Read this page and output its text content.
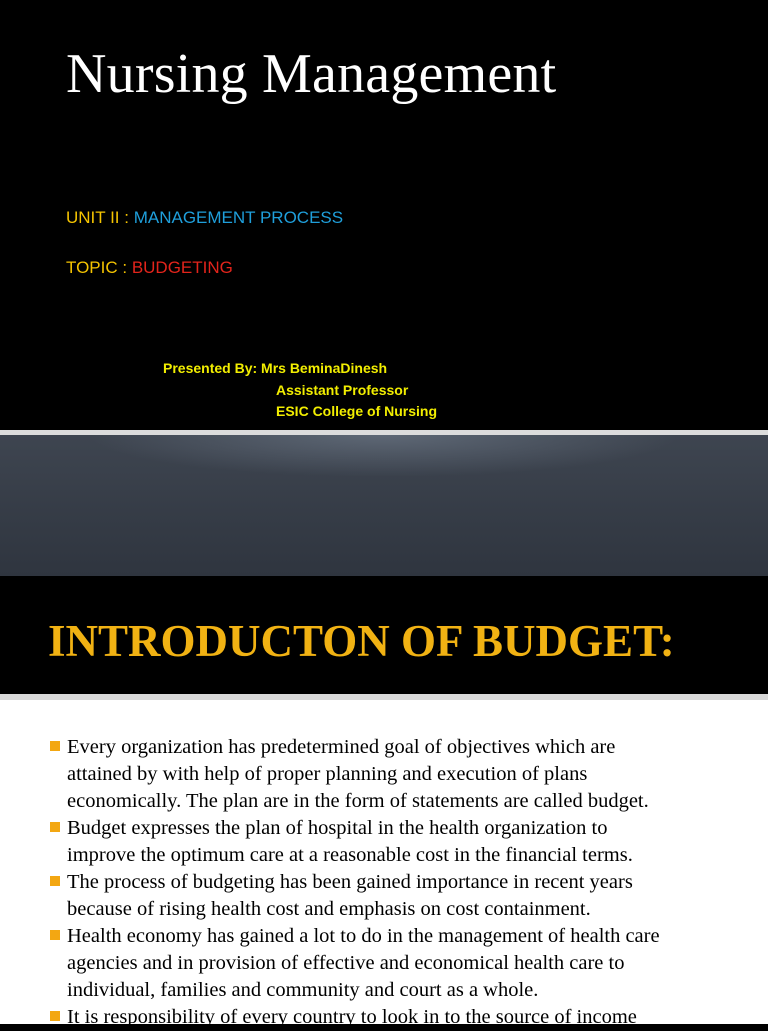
Nursing Management
UNIT II : MANAGEMENT PROCESS
TOPIC : BUDGETING
Presented By: Mrs BeminaDinesh
Assistant Professor
ESIC College of Nursing
INTRODUCTON OF BUDGET:
Every organization has predetermined goal of objectives which are
attained by with help of proper planning and execution of plans
economically. The plan are in the form of statements are called budget.
Budget expresses the plan of hospital in the health organization to
improve the optimum care at a reasonable cost in the financial terms.
The process of budgeting has been gained importance in recent years
because of rising health cost and emphasis on cost containment.
Health economy has gained a lot to do in the management of health care
agencies and in provision of effective and economical health care to
individual, families and community and court as a whole.
It is responsibility of every country to look in to the source of income
